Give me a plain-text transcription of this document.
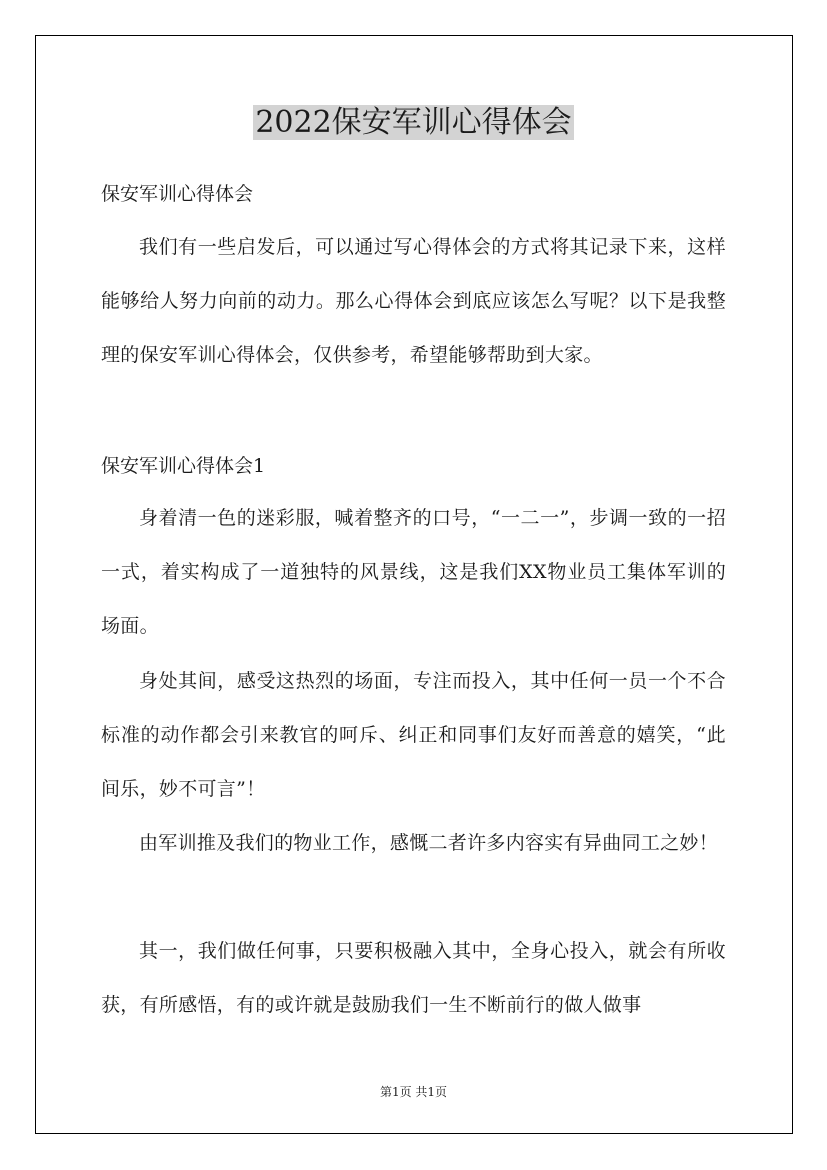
2022保安军训心得体会
保安军训心得体会

我们有一些启发后，可以通过写心得体会的方式将其记录下来，这样能够给人努力向前的动力。那么心得体会到底应该怎么写呢？以下是我整理的保安军训心得体会，仅供参考，希望能够帮助到大家。

保安军训心得体会1

身着清一色的迷彩服，喊着整齐的口号，“一二一”，步调一致的一招一式，着实构成了一道独特的风景线，这是我们XX物业员工集体军训的场面。

身处其间，感受这热烈的场面，专注而投入，其中任何一员一个不合标准的动作都会引来教官的呵斥、纠正和同事们友好而善意的嬉笑，“此间乐，妙不可言”！

由军训推及我们的物业工作，感慨二者许多内容实有异曲同工之妙！

其一，我们做任何事，只要积极融入其中，全身心投入，就会有所收获，有所感悟，有的或许就是鼓励我们一生不断前行的做人做事

第1页 共1页
